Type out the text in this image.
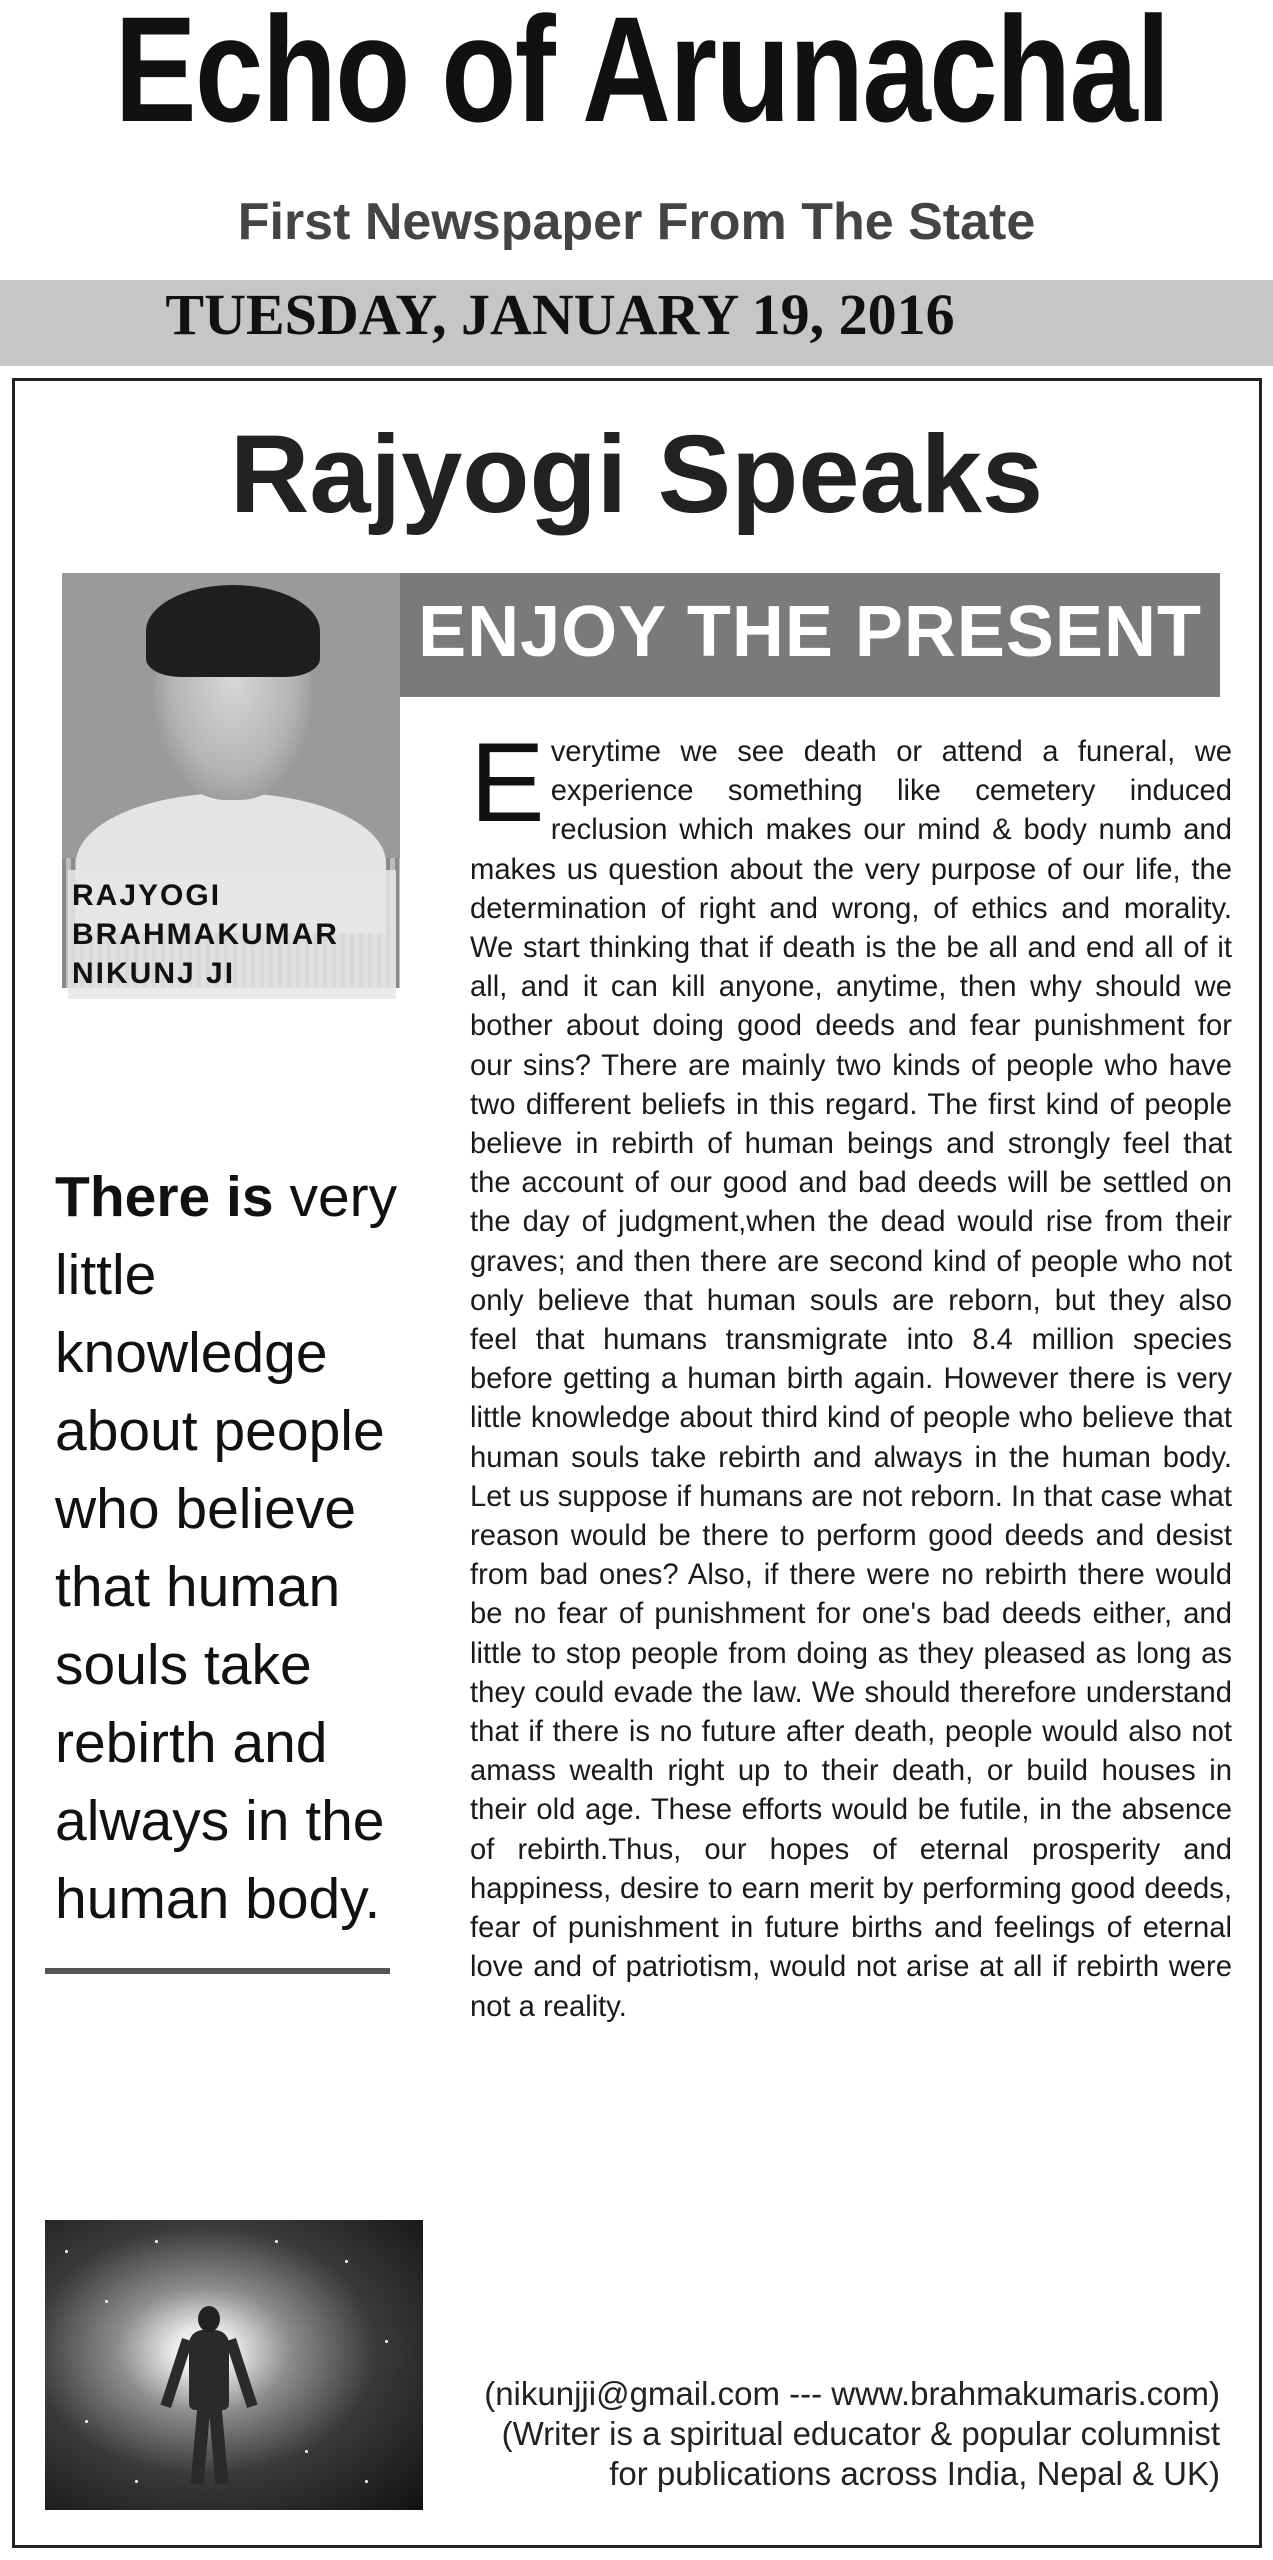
Echo of Arunachal
First Newspaper From The State
TUESDAY, JANUARY 19, 2016
Rajyogi Speaks
RAJYOGI
BRAHMAKUMAR
NIKUNJ JI
ENJOY THE PRESENT
E verytime we see death or attend a funeral, we experience something like cemetery induced reclusion which makes our mind & body numb and makes us question about the very purpose of our life, the determination of right and wrong, of ethics and morality. We start thinking that if death is the be all and end all of it all, and it can kill anyone, anytime, then why should we bother about doing good deeds and fear punishment for our sins? There are mainly two kinds of people who have two different beliefs in this regard. The first kind of people believe in rebirth of human beings and strongly feel that the account of our good and bad deeds will be settled on the day of judgment,when the dead would rise from their graves; and then there are second kind of people who not only believe that human souls are reborn, but they also feel that humans transmigrate into 8.4 million species before getting a human birth again. However there is very little knowledge about third kind of people who believe that human souls take rebirth and always in the human body. Let us suppose if humans are not reborn. In that case what reason would be there to perform good deeds and desist from bad ones? Also, if there were no rebirth there would be no fear of punishment for one's bad deeds either, and little to stop people from doing as they pleased as long as they could evade the law. We should therefore understand that if there is no future after death, people would also not amass wealth right up to their death, or build houses in their old age. These efforts would be futile, in the absence of rebirth.Thus, our hopes of eternal prosperity and happiness, desire to earn merit by performing good deeds, fear of punishment in future births and feelings of eternal love and of patriotism, would not arise at all if rebirth were not a reality.
There is very little knowledge about people who believe that human souls take rebirth and always in the human body.
(nikunjji@gmail.com --- www.brahmakumaris.com)
(Writer is a spiritual educator & popular columnist
for publications across India, Nepal & UK)
